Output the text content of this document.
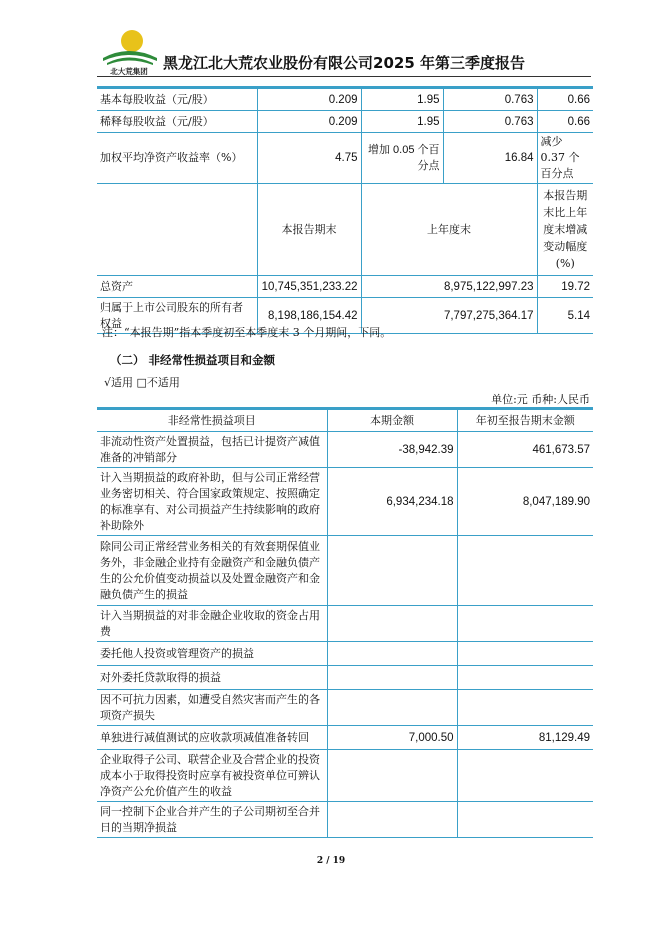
北大荒集团 黑龙江北大荒农业股份有限公司2025 年第三季度报告
基本每股收益（元/股）	0.209	1.95	0.763	0.66
稀释每股收益（元/股）	0.209	1.95	0.763	0.66
加权平均净资产收益率（%）	4.75	增加 0.05 个百分点	16.84	减少 0.37 个百分点
	本报告期末	上年度末		本报告期末比上年度末增减变动幅度(%)
总资产	10,745,351,233.22	8,975,122,997.23		19.72
归属于上市公司股东的所有者权益	8,198,186,154.42	7,797,275,364.17		5.14
注：“本报告期”指本季度初至本季度末 3 个月期间，下同。
（二） 非经常性损益项目和金额
√适用 □不适用
单位:元 币种:人民币
非经常性损益项目	本期金额	年初至报告期末金额
非流动性资产处置损益，包括已计提资产减值准备的冲销部分	-38,942.39	461,673.57
计入当期损益的政府补助，但与公司正常经营业务密切相关、符合国家政策规定、按照确定的标准享有、对公司损益产生持续影响的政府补助除外	6,934,234.18	8,047,189.90
除同公司正常经营业务相关的有效套期保值业务外，非金融企业持有金融资产和金融负债产生的公允价值变动损益以及处置金融资产和金融负债产生的损益		
计入当期损益的对非金融企业收取的资金占用费		
委托他人投资或管理资产的损益		
对外委托贷款取得的损益		
因不可抗力因素，如遭受自然灾害而产生的各项资产损失		
单独进行减值测试的应收款项减值准备转回	7,000.50	81,129.49
企业取得子公司、联营企业及合营企业的投资成本小于取得投资时应享有被投资单位可辨认净资产公允价值产生的收益		
同一控制下企业合并产生的子公司期初至合并日的当期净损益		
2 / 19
